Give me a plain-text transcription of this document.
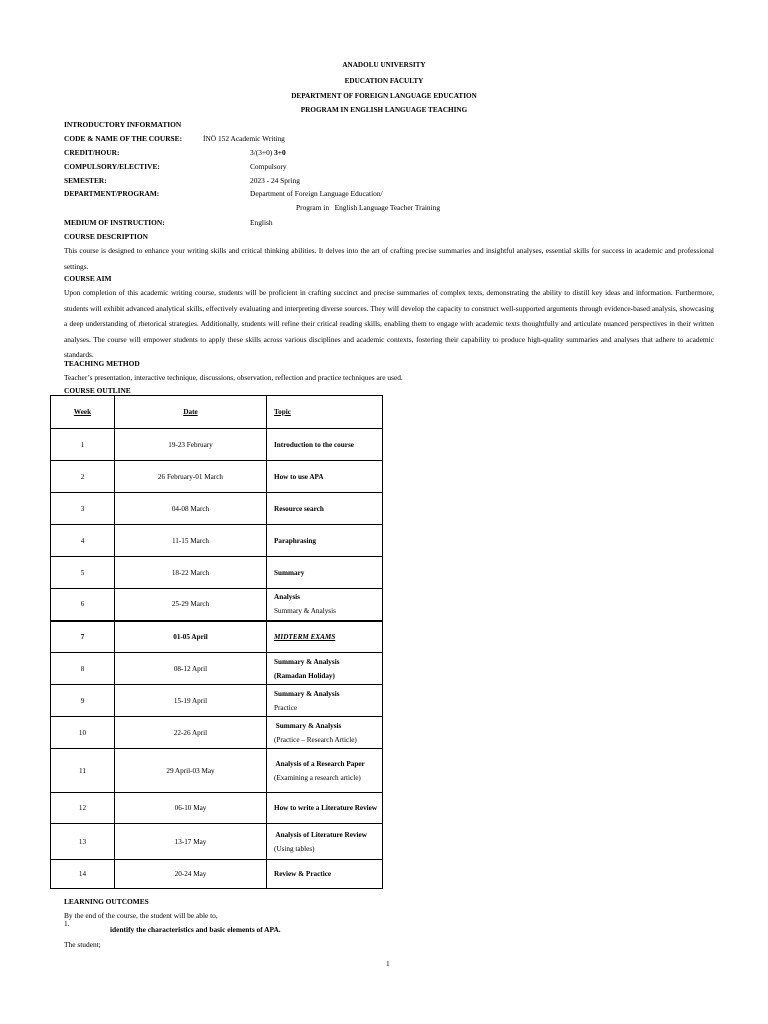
ANADOLU UNIVERSITY
EDUCATION FACULTY
DEPARTMENT OF FOREIGN LANGUAGE EDUCATION
PROGRAM IN ENGLISH LANGUAGE TEACHING
INTRODUCTORY INFORMATION
CODE & NAME OF THE COURSE:	İNÖ 152 Academic Writing
CREDIT/HOUR:	3/(3+0) 3+0
COMPULSORY/ELECTIVE:	Compulsory
SEMESTER:	2023 - 24 Spring
DEPARTMENT/PROGRAM:	Department of Foreign Language Education/
Program in   English Language Teacher Training
MEDIUM OF INSTRUCTION:	English
COURSE DESCRIPTION
This course is designed to enhance your writing skills and critical thinking abilities. It delves into the art of crafting precise summaries and insightful analyses, essential skills for success in academic and professional settings.
COURSE AIM
Upon completion of this academic writing course, students will be proficient in crafting succinct and precise summaries of complex texts, demonstrating the ability to distill key ideas and information. Furthermore, students will exhibit advanced analytical skills, effectively evaluating and interpreting diverse sources. They will develop the capacity to construct well-supported arguments through evidence-based analysis, showcasing a deep understanding of rhetorical strategies. Additionally, students will refine their critical reading skills, enabling them to engage with academic texts thoughtfully and articulate nuanced perspectives in their written analyses. The course will empower students to apply these skills across various disciplines and academic contexts, fostering their capability to produce high-quality summaries and analyses that adhere to academic standards.
TEACHING METHOD
Teacher’s presentation, interactive technique, discussions, observation, reflection and practice techniques are used.
COURSE OUTLINE
Week	Date	Topic
1	19-23 February	Introduction to the course
2	26 February-01 March	How to use APA
3	04-08 March	Resource search
4	11-15 March	Paraphrasing
5	18-22 March	Summary
6	25-29 March	Analysis
Summary & Analysis

7	01-05 April	MIDTERM EXAMS
8	08-12 April	Summary & Analysis
(Ramadan Holiday)

9	15-19 April	Summary & Analysis
Practice

10	22-26 April	Summary & Analysis
(Practice – Research Article)

11	29 April-03 May	Analysis of a Research Paper
(Examining a research article)

12	06-10 May	How to write a Literature Review
13	13-17 May	Analysis of Literature Review
(Using tables)

14	20-24 May	Review & Practice
LEARNING OUTCOMES
By the end of the course, the student will be able to,
1.
identify the characteristics and basic elements of APA.
The student;
1
